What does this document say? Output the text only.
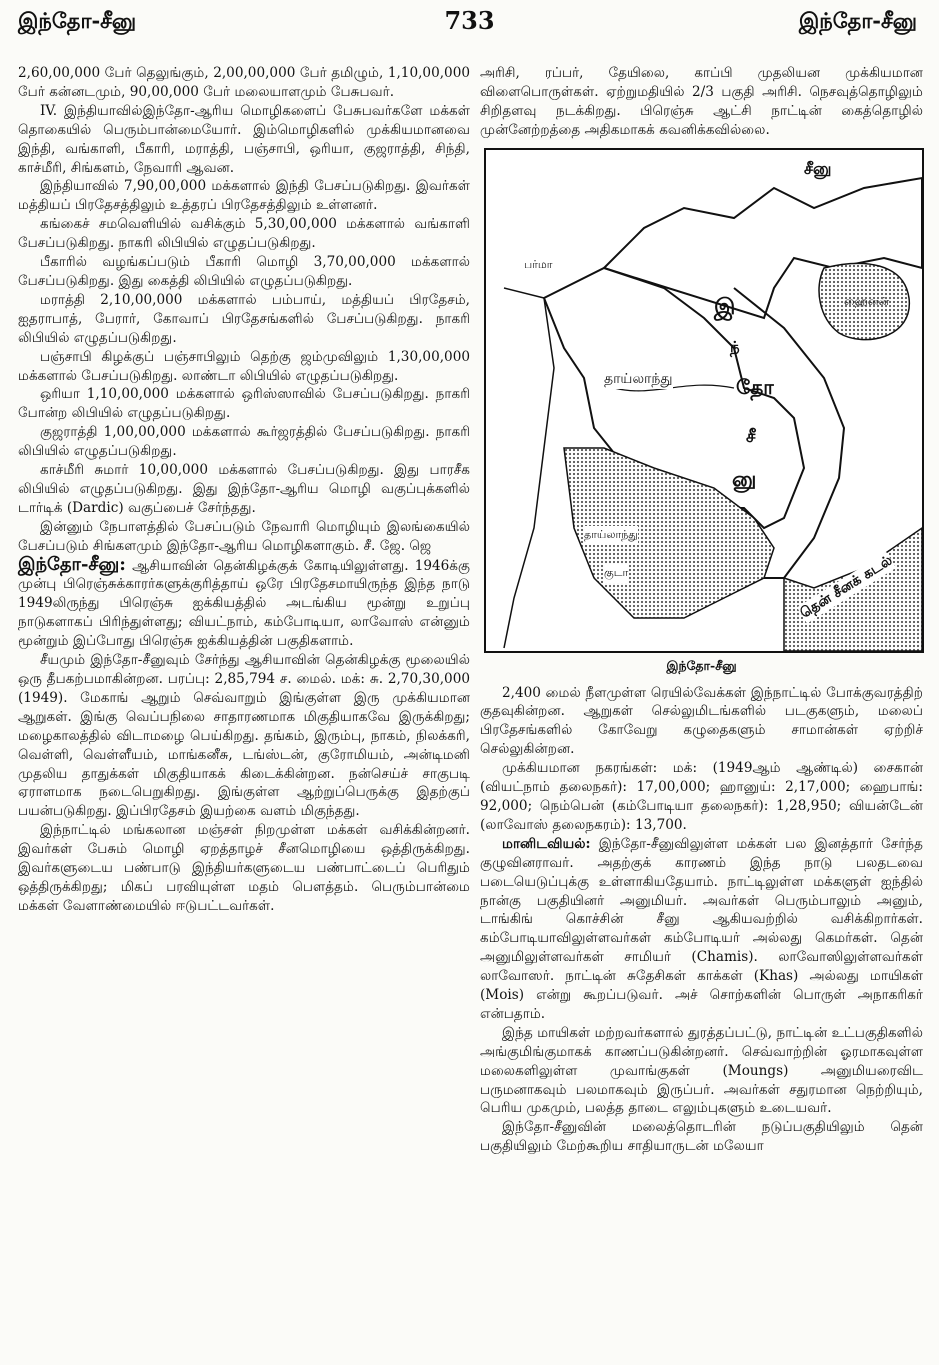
இந்தோ-சீனு	733	இந்தோ-சீனு

2,60,00,000 பேர் தெலுங்கும், 2,00,00,000 பேர் தமிழும், 1,10,00,000 பேர் கன்னடமும், 90,00,000 பேர் மலையாளமும் பேசுபவர்.

IV. இந்தியாவில்இந்தோ-ஆரிய மொழிகளைப் பேசுபவர்களே மக்கள் தொகையில் பெரும்பான்மையோர். இம்மொழிகளில் முக்கியமானவை இந்தி, வங்காளி, பீகாரி, மராத்தி, பஞ்சாபி, ஒரியா, குஜராத்தி, சிந்தி, காச்மீரி, சிங்களம், நேவாரி ஆவன.

இந்தியாவில் 7,90,00,000 மக்களால் இந்தி பேசப்படுகிறது. இவர்கள் மத்தியப் பிரதேசத்திலும் உத்தரப் பிரதேசத்திலும் உள்ளனர்.

கங்கைச் சமவெளியில் வசிக்கும் 5,30,00,000 மக்களால் வங்காளி பேசப்படுகிறது. நாகரி லிபியில் எழுதப்படுகிறது.

பீகாரில் வழங்கப்படும் பீகாரி மொழி 3,70,00,000 மக்களால் பேசப்படுகிறது. இது கைத்தி லிபியில் எழுதப்படுகிறது.

மராத்தி 2,10,00,000 மக்களால் பம்பாய், மத்தியப் பிரதேசம், ஐதராபாத், பேரார், கோவாப் பிரதேசங்களில் பேசப்படுகிறது. நாகரி லிபியில் எழுதப்படுகிறது.

பஞ்சாபி கிழக்குப் பஞ்சாபிலும் தெற்கு ஜம்முவிலும் 1,30,00,000 மக்களால் பேசப்படுகிறது. லாண்டா லிபியில் எழுதப்படுகிறது.

ஒரியா 1,10,00,000 மக்களால் ஒரிஸ்ஸாவில் பேசப்படுகிறது. நாகரி போன்ற லிபியில் எழுதப்படுகிறது.

குஜராத்தி 1,00,00,000 மக்களால் கூர்ஜரத்தில் பேசப்படுகிறது. நாகரி லிபியில் எழுதப்படுகிறது.

காச்மீரி சுமார் 10,00,000 மக்களால் பேசப்படுகிறது. இது பாரசீக லிபியில் எழுதப்படுகிறது. இது இந்தோ-ஆரிய மொழி வகுப்புக்களில் டார்டிக் (Dardic) வகுப்பைச் சேர்ந்தது.

இன்னும் நேபாளத்தில் பேசப்படும் நேவாரி மொழியும் இலங்கையில் பேசப்படும் சிங்களமும் இந்தோ-ஆரிய மொழிகளாகும். சீ. ஜே. ஜெ

இந்தோ-சீனு: ஆசியாவின் தென்கிழக்குக் கோடியிலுள்ளது. 1946க்கு முன்பு பிரெஞ்சுக்காரர்களுக்குரித்தாய் ஒரே பிரதேசமாயிருந்த இந்த நாடு 1949லிருந்து பிரெஞ்சு ஐக்கியத்தில் அடங்கிய மூன்று உறுப்பு நாடுகளாகப் பிரிந்துள்ளது; வியட்நாம், கம்போடியா, லாவோஸ் என்னும் மூன்றும் இப்போது பிரெஞ்சு ஐக்கியத்தின் பகுதிகளாம்.

சீயமும் இந்தோ-சீனுவும் சேர்ந்து ஆசியாவின் தென்கிழக்கு மூலையில் ஒரு தீபகற்பமாகின்றன. பரப்பு: 2,85,794 ச. மைல். மக்: சு. 2,70,30,000 (1949). மேகாங் ஆறும் செவ்வாறும் இங்குள்ள இரு முக்கியமான ஆறுகள். இங்கு வெப்பநிலை சாதாரணமாக மிகுதியாகவே இருக்கிறது; மழைகாலத்தில் விடாமழை பெய்கிறது. தங்கம், இரும்பு, நாகம், நிலக்கரி, வெள்ளி, வெள்ளீயம், மாங்கனீசு, டங்ஸ்டன், குரோமியம், அன்டிமனி முதலிய தாதுக்கள் மிகுதியாகக் கிடைக்கின்றன. நன்செய்ச் சாகுபடி ஏராளமாக நடைபெறுகிறது. இங்குள்ள ஆற்றுப்பெருக்கு இதற்குப் பயன்படுகிறது. இப்பிரதேசம் இயற்கை வளம் மிகுந்தது.

இந்நாட்டில் மங்கலான மஞ்சள் நிறமுள்ள மக்கள் வசிக்கின்றனர். இவர்கள் பேசும் மொழி ஏறத்தாழச் சீனமொழியை ஒத்திருக்கிறது. இவர்களுடைய பண்பாடு இந்தியர்களுடைய பண்பாட்டைப் பெரிதும் ஒத்திருக்கிறது; மிகப் பரவியுள்ள மதம் பௌத்தம். பெரும்பான்மை மக்கள் வேளாண்மையில் ஈடுபட்டவர்கள்.

அரிசி, ரப்பர், தேயிலை, காப்பி முதலியன முக்கியமான விளைபொருள்கள். ஏற்றுமதியில் 2/3 பகுதி அரிசி. நெசவுத்தொழிலும் சிறிதளவு நடக்கிறது. பிரெஞ்சு ஆட்சி நாட்டின் கைத்தொழில் முன்னேற்றத்தை அதிகமாகக் கவனிக்கவில்லை.

சீனு
பர்மா
ஹைனன்
தாய்லாந்து
தாய்லாந்து
குடா	தென் சீனக் கடல்
இ
ந்
தோ
சீ
னு
இந்தோ-சீனு

2,400 மைல் நீளமுள்ள ரெயில்வேக்கள் இந்நாட்டில் போக்குவரத்திற் குதவுகின்றன. ஆறுகள் செல்லுமிடங்களில் படகுகளும், மலைப் பிரதேசங்களில் கோவேறு கழுதைகளும் சாமான்கள் ஏற்றிச் செல்லுகின்றன.

முக்கியமான நகரங்கள்: மக்: (1949ஆம் ஆண்டில்) சைகான் (வியட்நாம் தலைநகர்): 17,00,000; ஹானுய்: 2,17,000; ஹைபாங்: 92,000; நெம்பென் (கம்போடியா தலைநகர்): 1,28,950; வியன்டேன் (லாவோஸ் தலைநகரம்): 13,700.

மானிடவியல்: இந்தோ-சீனுவிலுள்ள மக்கள் பல இனத்தார் சேர்ந்த குழுவினராவர். அதற்குக் காரணம் இந்த நாடு பலதடவை படையெடுப்புக்கு உள்ளாகியதேயாம். நாட்டிலுள்ள மக்களுள் ஐந்தில் நான்கு பகுதியினர் அனுமியர். அவர்கள் பெரும்பாலும் அனும், டாங்கிங் கொச்சின் சீனு ஆகியவற்றில் வசிக்கிறார்கள். கம்போடியாவிலுள்ளவர்கள் கம்போடியர் அல்லது கெமர்கள். தென் அனுமிலுள்ளவர்கள் சாமியர் (Chamis). லாவோஸிலுள்ளவர்கள் லாவோஸர். நாட்டின் சுதேசிகள் காக்கள் (Khas) அல்லது மாயிகள் (Mois) என்று கூறப்படுவர். அச் சொற்களின் பொருள் அநாகரிகர் என்பதாம்.

இந்த மாயிகள் மற்றவர்களால் துரத்தப்பட்டு, நாட்டின் உட்பகுதிகளில் அங்குமிங்குமாகக் காணப்படுகின்றனர். செவ்வாற்றின் ஓரமாகவுள்ள மலைகளிலுள்ள முவாங்குகள் (Moungs) அனுமியரைவிட பருமனாகவும் பலமாகவும் இருப்பர். அவர்கள் சதுரமான நெற்றியும், பெரிய முகமும், பலத்த தாடை எலும்புகளும் உடையவர்.

இந்தோ-சீனுவின் மலைத்தொடரின் நடுப்பகுதியிலும் தென் பகுதியிலும் மேற்கூறிய சாதியாருடன் மலேயா
